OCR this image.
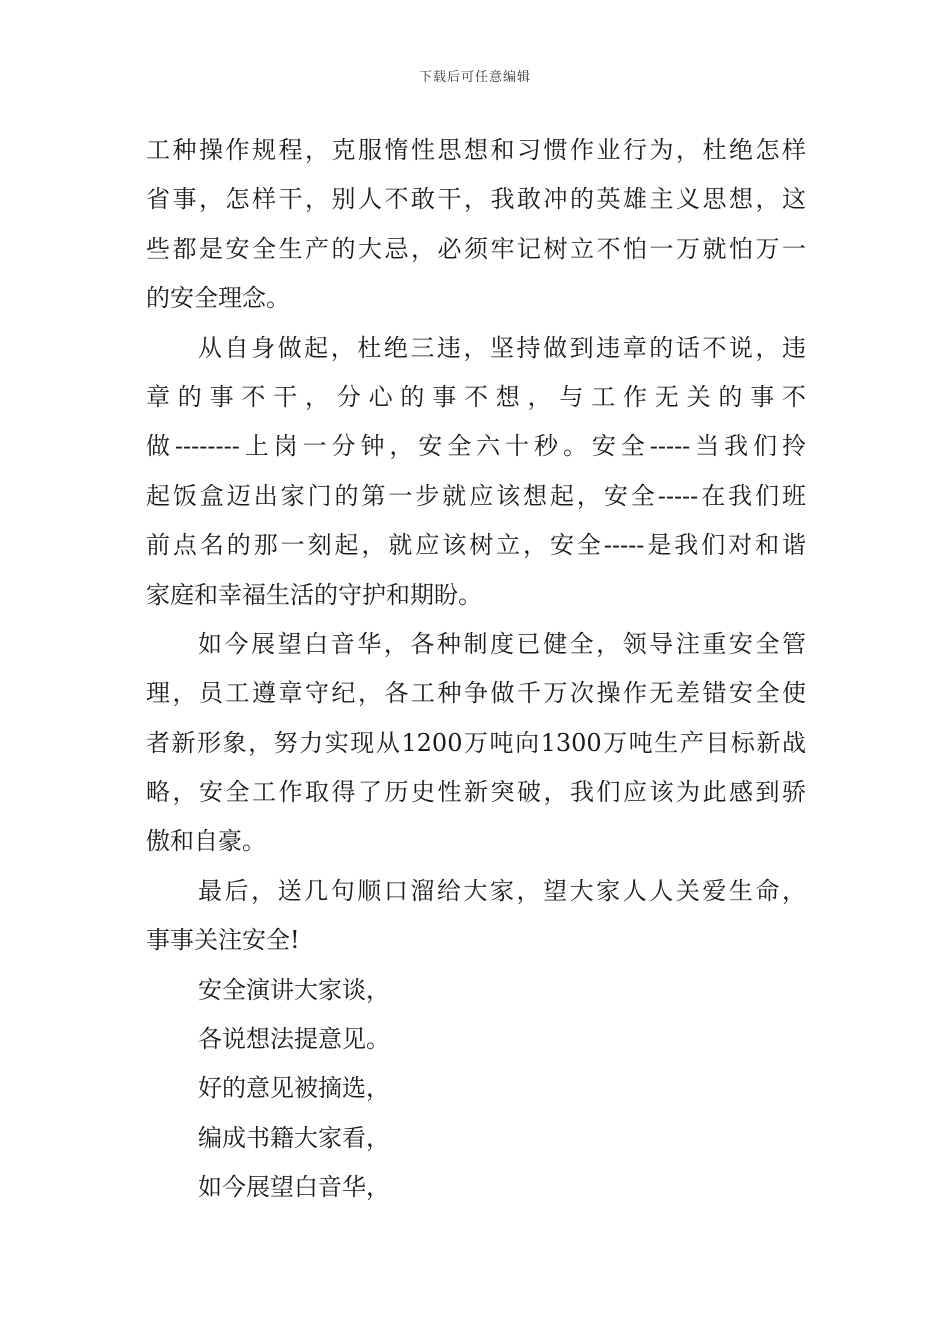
下载后可任意编辑
工种操作规程，克服惰性思想和习惯作业行为，杜绝怎样
省事，怎样干，别人不敢干，我敢冲的英雄主义思想，这
些都是安全生产的大忌，必须牢记树立不怕一万就怕万一
的安全理念。
从自身做起，杜绝三违，坚持做到违章的话不说，违
章的事不干，分心的事不想，与工作无关的事不
做--------上岗一分钟，安全六十秒。安全-----当我们拎
起饭盒迈出家门的第一步就应该想起，安全-----在我们班
前点名的那一刻起，就应该树立，安全-----是我们对和谐
家庭和幸福生活的守护和期盼。
如今展望白音华，各种制度已健全，领导注重安全管
理，员工遵章守纪，各工种争做千万次操作无差错安全使
者新形象，努力实现从1200万吨向1300万吨生产目标新战
略，安全工作取得了历史性新突破，我们应该为此感到骄
傲和自豪。
最后，送几句顺口溜给大家，望大家人人关爱生命，
事事关注安全!
安全演讲大家谈，
各说想法提意见。
好的意见被摘选，
编成书籍大家看，
如今展望白音华，
